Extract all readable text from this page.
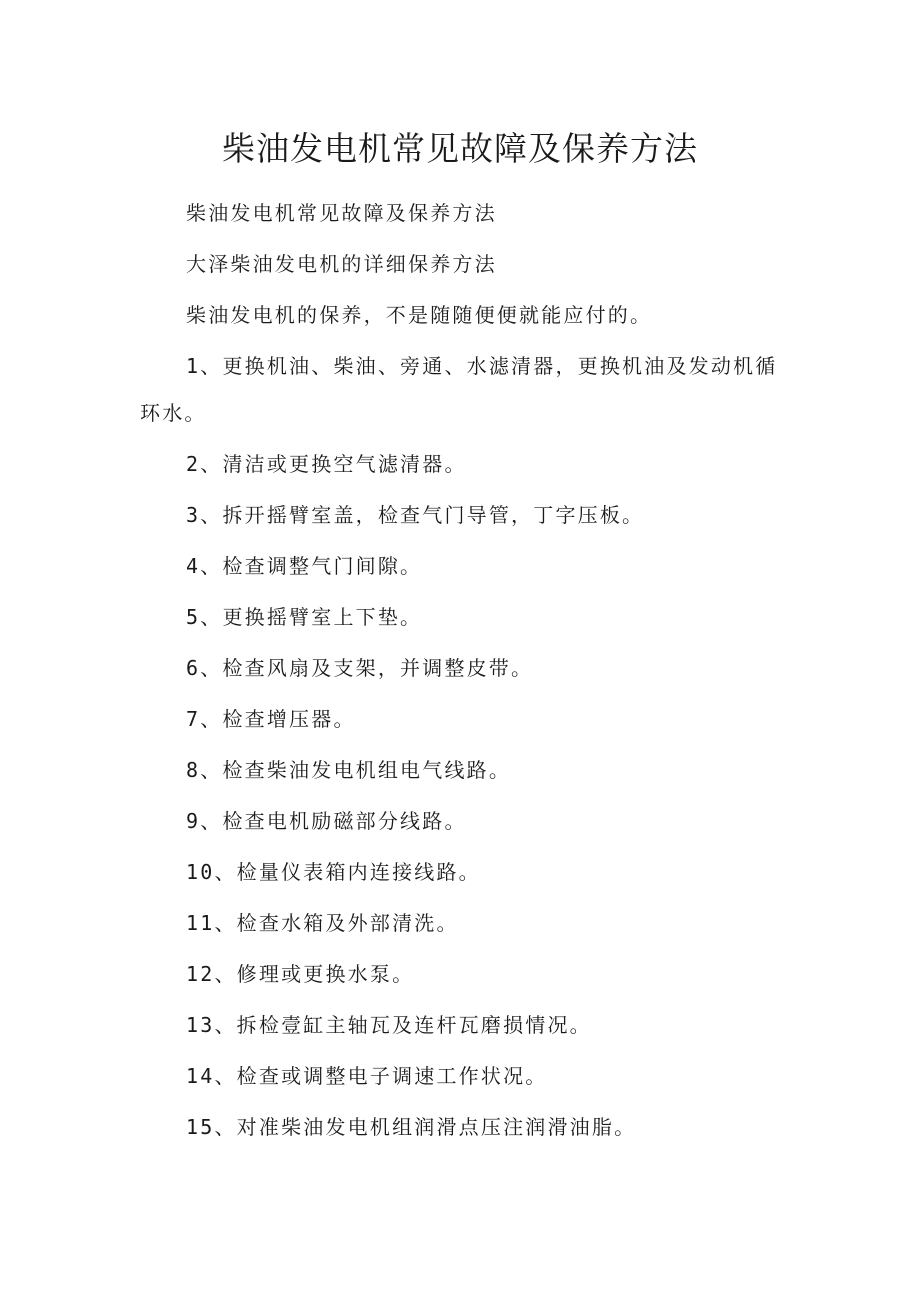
柴油发电机常见故障及保养方法

柴油发电机常见故障及保养方法

大泽柴油发电机的详细保养方法

柴油发电机的保养，不是随随便便就能应付的。

1、更换机油、柴油、旁通、水滤清器，更换机油及发动机循环水。

2、清洁或更换空气滤清器。

3、拆开摇臂室盖，检查气门导管，丁字压板。

4、检查调整气门间隙。

5、更换摇臂室上下垫。

6、检查风扇及支架，并调整皮带。

7、检查增压器。

8、检查柴油发电机组电气线路。

9、检查电机励磁部分线路。

10、检量仪表箱内连接线路。

11、检查水箱及外部清洗。

12、修理或更换水泵。

13、拆检壹缸主轴瓦及连杆瓦磨损情况。

14、检查或调整电子调速工作状况。

15、对准柴油发电机组润滑点压注润滑油脂。
